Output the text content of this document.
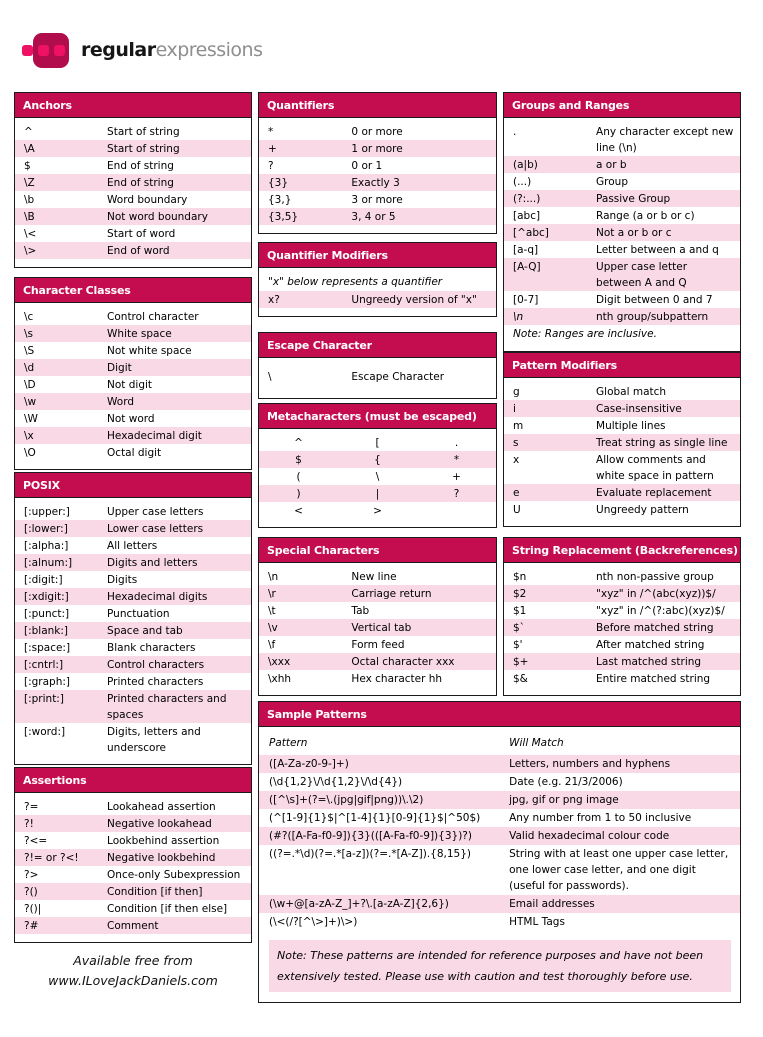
regularexpressions
Anchors
^	Start of string
\A	Start of string
$	End of string
\Z	End of string
\b	Word boundary
\B	Not word boundary
\<	Start of word
\>	End of word
Character Classes
\c	Control character
\s	White space
\S	Not white space
\d	Digit
\D	Not digit
\w	Word
\W	Not word
\x	Hexadecimal digit
\O	Octal digit
POSIX
[:upper:]	Upper case letters
[:lower:]	Lower case letters
[:alpha:]	All letters
[:alnum:]	Digits and letters
[:digit:]	Digits
[:xdigit:]	Hexadecimal digits
[:punct:]	Punctuation
[:blank:]	Space and tab
[:space:]	Blank characters
[:cntrl:]	Control characters
[:graph:]	Printed characters
[:print:]	Printed characters and spaces
[:word:]	Digits, letters and underscore
Assertions
?=	Lookahead assertion
?!	Negative lookahead
?<=	Lookbehind assertion
?!= or ?<!	Negative lookbehind
?>	Once-only Subexpression
?()	Condition [if then]
?()|	Condition [if then else]
?#	Comment
Quantifiers
*	0 or more
+	1 or more
?	0 or 1
{3}	Exactly 3
{3,}	3 or more
{3,5}	3, 4 or 5
Quantifier Modifiers
"x" below represents a quantifier
x?	Ungreedy version of "x"
Escape Character
\	Escape Character
Metacharacters (must be escaped)
^	[	.
$	{	*
(	\	+
)	|	?
<	>
Special Characters
\n	New line
\r	Carriage return
\t	Tab
\v	Vertical tab
\f	Form feed
\xxx	Octal character xxx
\xhh	Hex character hh
Groups and Ranges
.	Any character except new line (\n)
(a|b)	a or b
(...)	Group
(?:...)	Passive Group
[abc]	Range (a or b or c)
[^abc]	Not a or b or c
[a-q]	Letter between a and q
[A-Q]	Upper case letter between A and Q
[0-7]	Digit between 0 and 7
\n	nth group/subpattern
Note: Ranges are inclusive.
Pattern Modifiers
g	Global match
i	Case-insensitive
m	Multiple lines
s	Treat string as single line
x	Allow comments and white space in pattern
e	Evaluate replacement
U	Ungreedy pattern
String Replacement (Backreferences)
$n	nth non-passive group
$2	"xyz" in /^(abc(xyz))$/
$1	"xyz" in /^(?:abc)(xyz)$/
$`	Before matched string
$'	After matched string
$+	Last matched string
$&	Entire matched string
Sample Patterns
Pattern	Will Match
([A-Za-z0-9-]+)	Letters, numbers and hyphens
(\d{1,2}\/\d{1,2}\/\d{4})	Date (e.g. 21/3/2006)
([^\s]+(?=\.(jpg|gif|png))\.\2)	jpg, gif or png image
(^[1-9]{1}$|^[1-4]{1}[0-9]{1}$|^50$)	Any number from 1 to 50 inclusive
(#?([A-Fa-f0-9]){3}(([A-Fa-f0-9]){3})?)	Valid hexadecimal colour code
((?=.*\d)(?=.*[a-z])(?=.*[A-Z]).{8,15})	String with at least one upper case letter, one lower case letter, and one digit (useful for passwords).
(\w+@[a-zA-Z_]+?\.[a-zA-Z]{2,6})	Email addresses
(\<(/?[^\>]+)\>)	HTML Tags
Note: These patterns are intended for reference purposes and have not been extensively tested. Please use with caution and test thoroughly before use.
Available free from
www.ILoveJackDaniels.com
